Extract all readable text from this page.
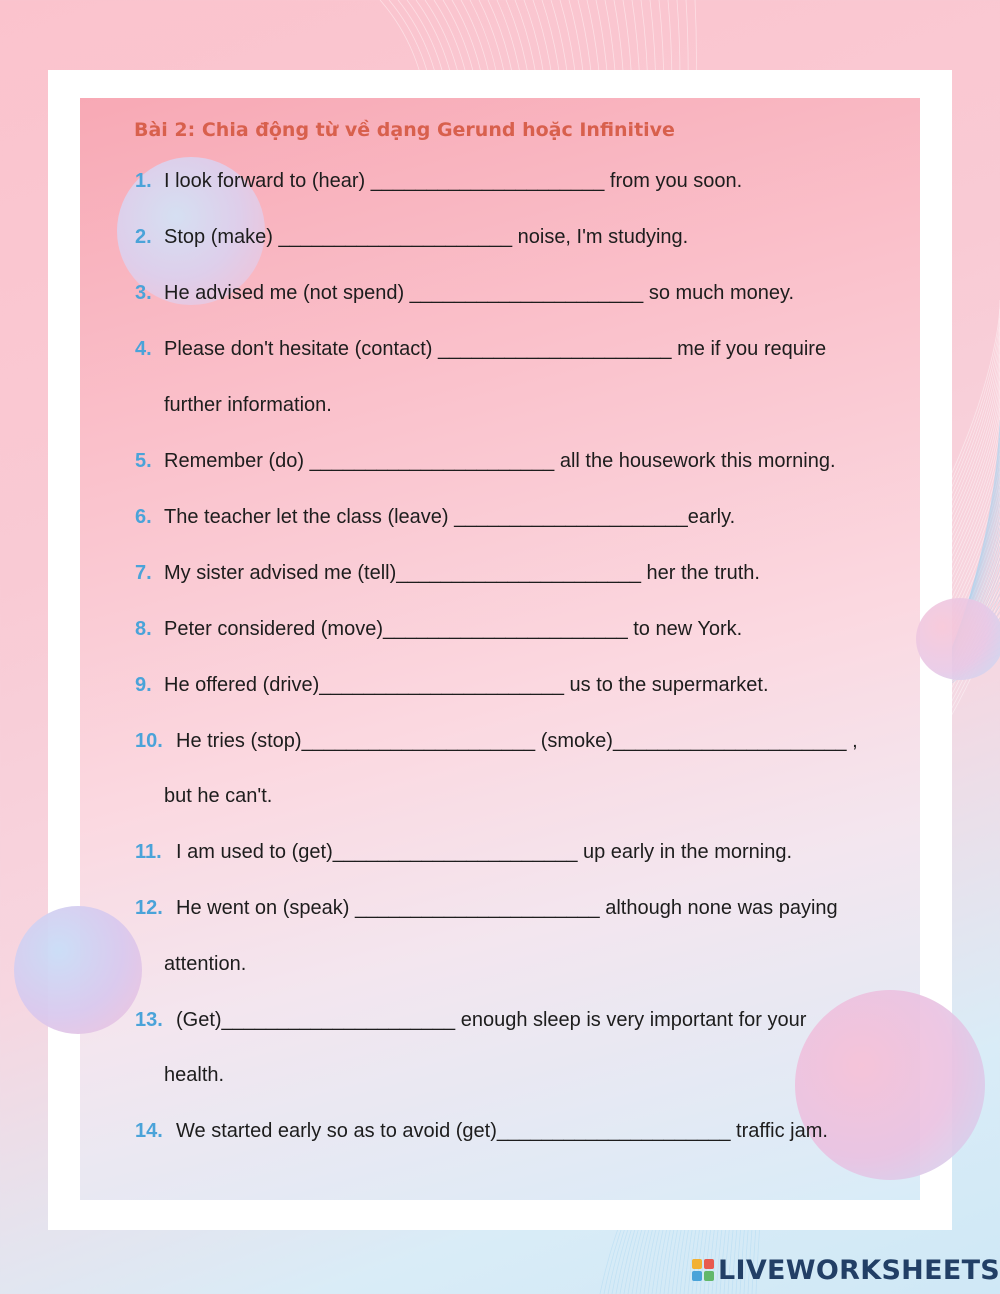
Bài 2: Chia động từ về dạng Gerund hoặc Infinitive
1. I look forward to (hear) _____________________ from you soon.
2. Stop (make) _____________________ noise, I'm studying.
3. He advised me (not spend) _____________________ so much money.
4. Please don't hesitate (contact) _____________________ me if you require
further information.
5. Remember (do) ______________________ all the housework this morning.
6. The teacher let the class (leave) _____________________early.
7. My sister advised me (tell)______________________ her the truth.
8. Peter considered (move)______________________ to new York.
9. He offered (drive)______________________ us to the supermarket.
10. He tries (stop)_____________________ (smoke)_____________________ ,
but he can't.
11. I am used to (get)______________________ up early in the morning.
12. He went on (speak) ______________________ although none was paying
attention.
13. (Get)_____________________ enough sleep is very important for your
health.
14. We started early so as to avoid (get)_____________________ traffic jam.
LIVEWORKSHEETS
